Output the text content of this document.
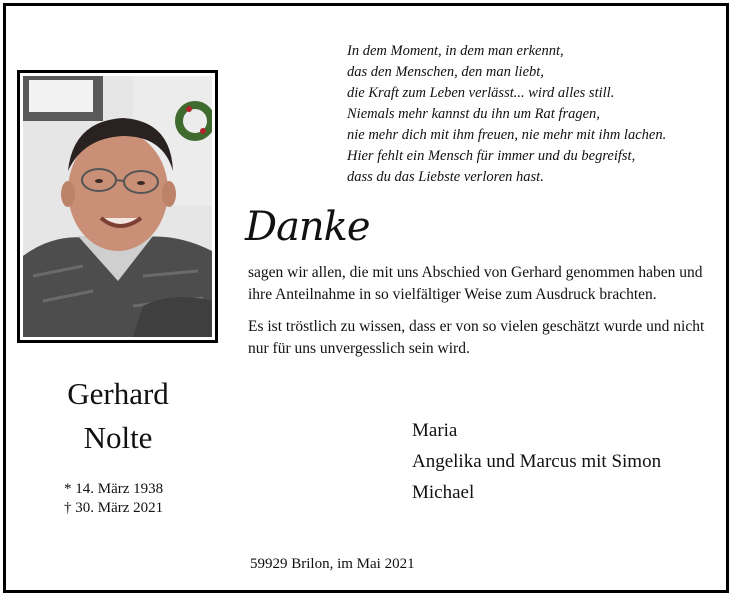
In dem Moment, in dem man erkennt,
das den Menschen, den man liebt,
die Kraft zum Leben verlässt... wird alles still.
Niemals mehr kannst du ihn um Rat fragen,
nie mehr dich mit ihm freuen, nie mehr mit ihm lachen.
Hier fehlt ein Mensch für immer und du begreifst,
dass du das Liebste verloren hast.
Danke

sagen wir allen, die mit uns Abschied von Gerhard genommen haben und ihre Anteilnahme in so vielfältiger Weise zum Ausdruck brachten.

Es ist tröstlich zu wissen, dass er von so vielen geschätzt wurde und nicht nur für uns unvergesslich sein wird.

Gerhard
Nolte
* 14. März 1938
† 30. März 2021
Maria
Angelika und Marcus mit Simon
Michael
59929 Brilon, im Mai 2021
